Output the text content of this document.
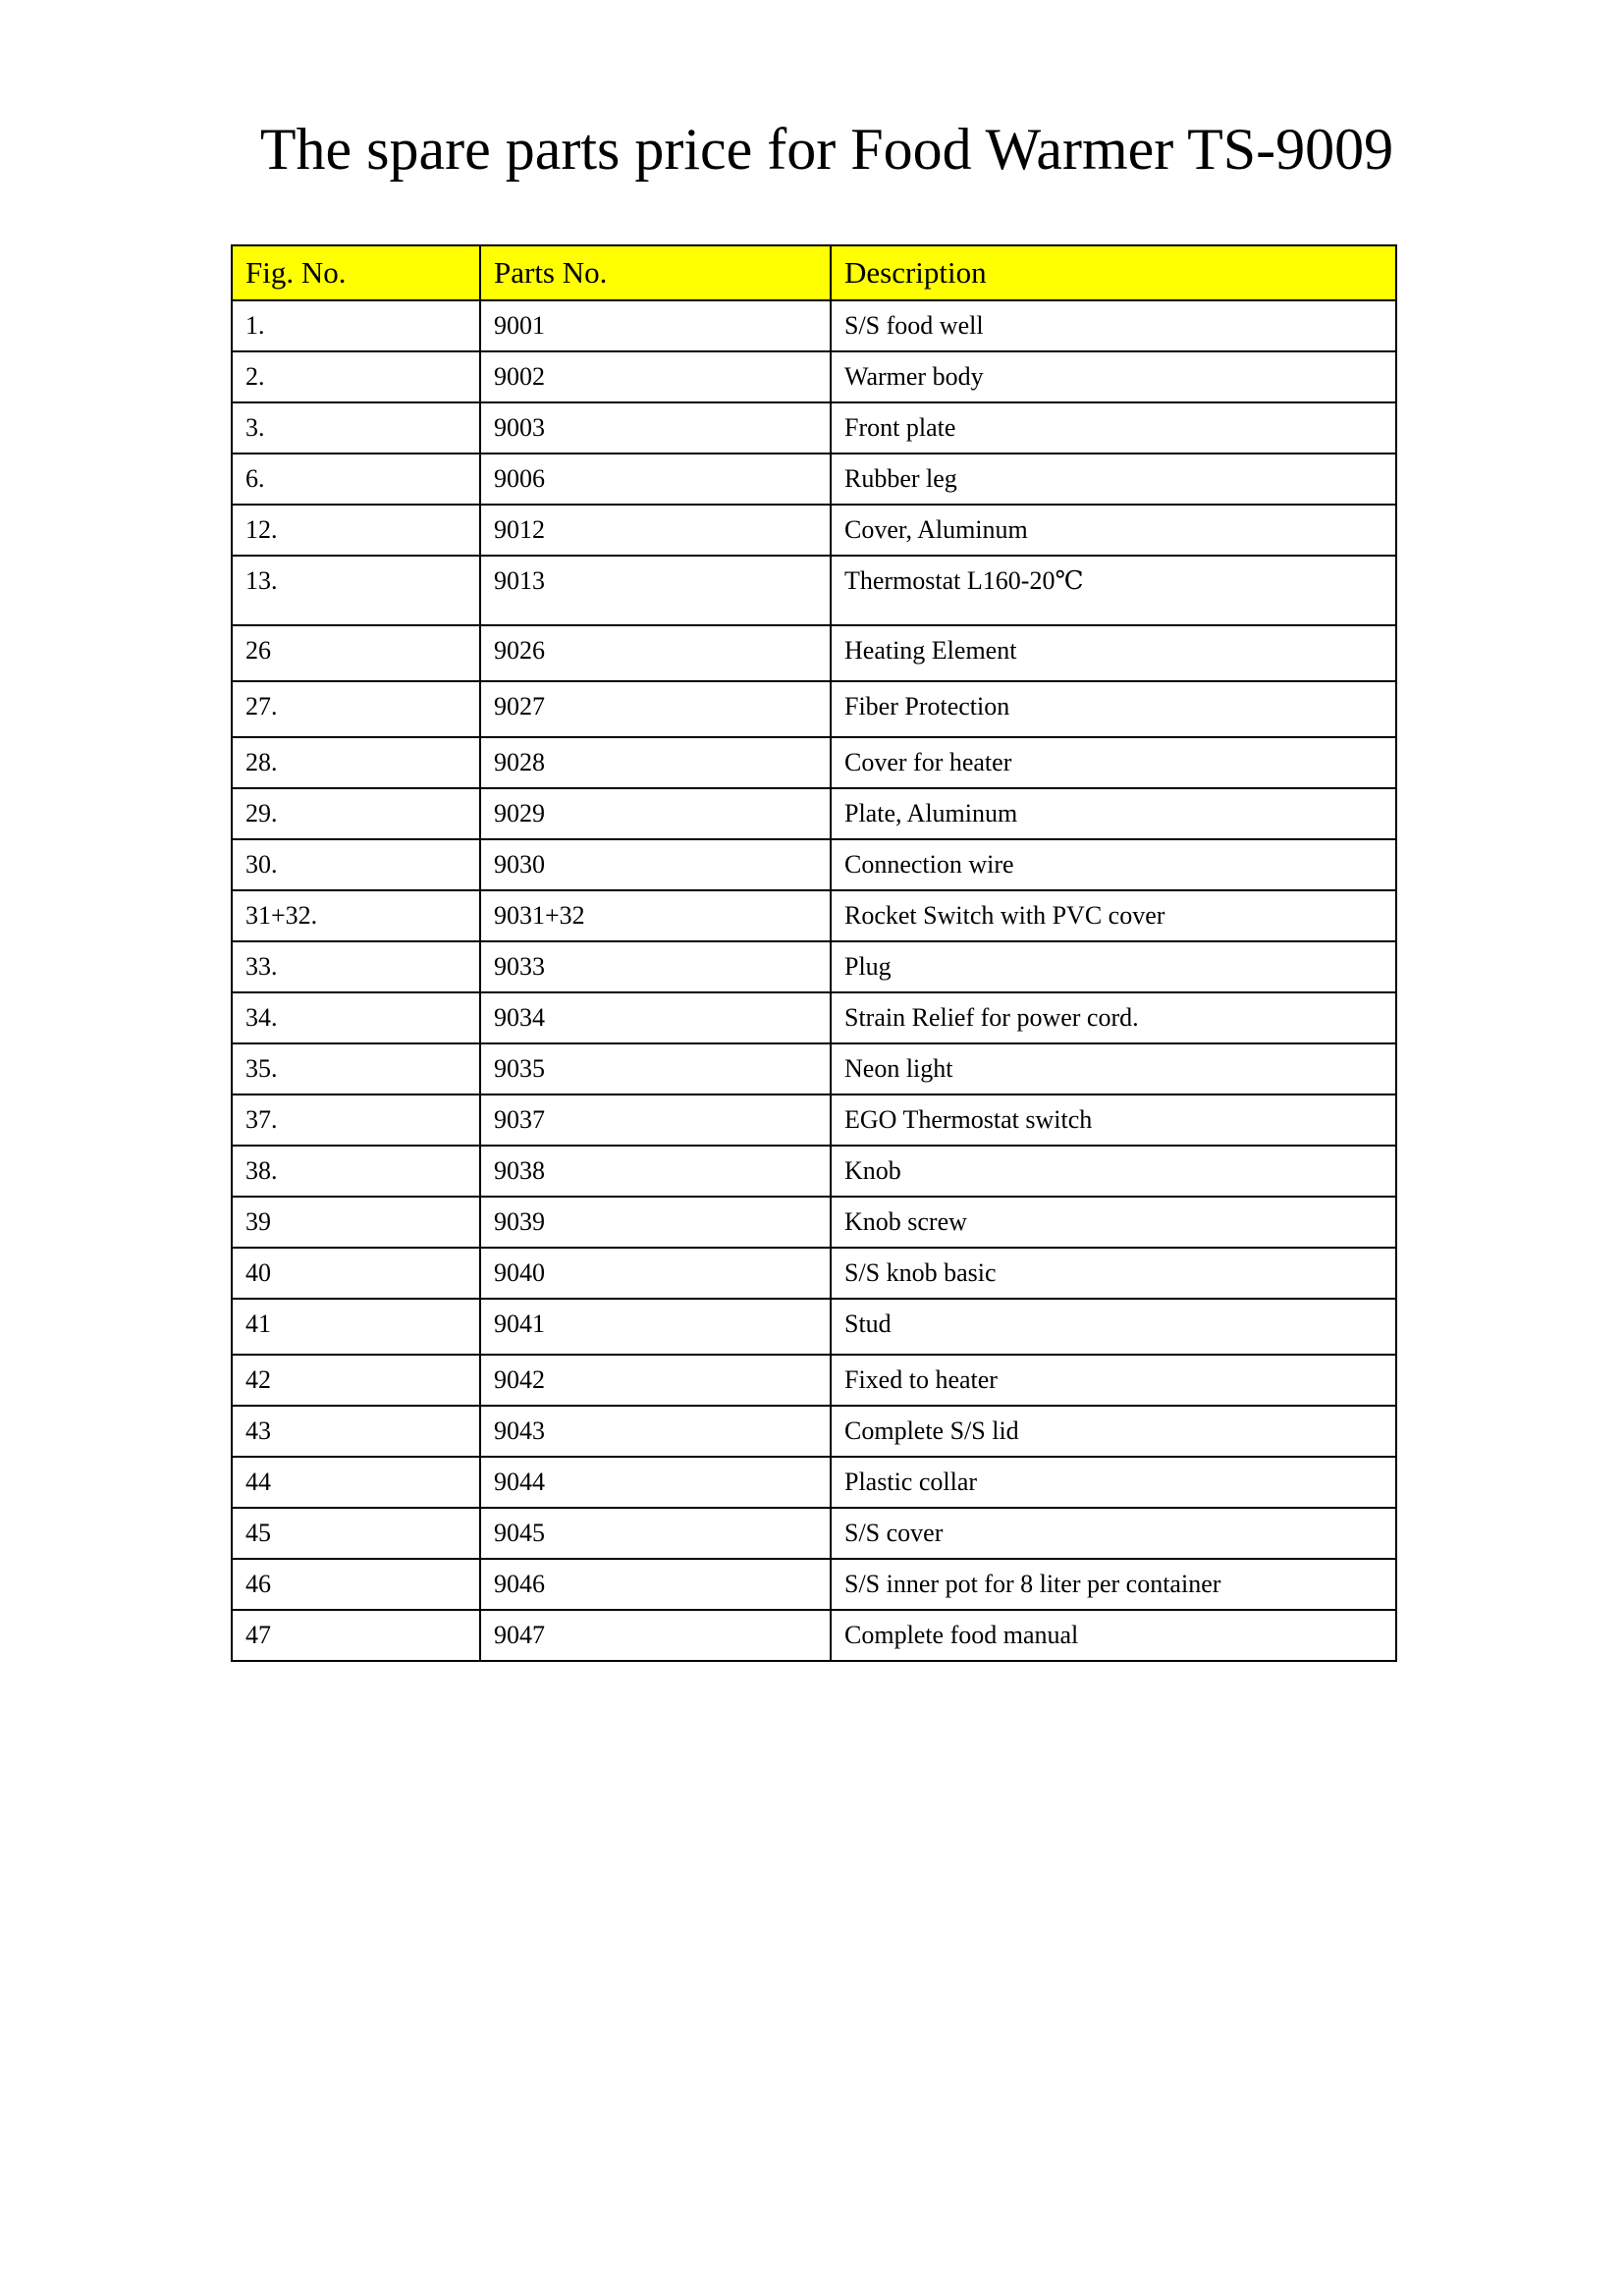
The spare parts price for Food Warmer TS-9009
Fig. No.	Parts No.	Description
1.	9001	S/S food well
2.	9002	Warmer body
3.	9003	Front plate
6.	9006	Rubber leg
12.	9012	Cover, Aluminum
13.	9013	Thermostat L160-20℃
26	9026	Heating Element
27.	9027	Fiber Protection
28.	9028	Cover for heater
29.	9029	Plate, Aluminum
30.	9030	Connection wire
31+32.	9031+32	Rocket Switch with PVC cover
33.	9033	Plug
34.	9034	Strain Relief for power cord.
35.	9035	Neon light
37.	9037	EGO Thermostat switch
38.	9038	Knob
39	9039	Knob screw
40	9040	S/S knob basic
41	9041	Stud
42	9042	Fixed to heater
43	9043	Complete S/S lid
44	9044	Plastic collar
45	9045	S/S cover
46	9046	S/S inner pot for 8 liter per container
47	9047	Complete food manual
